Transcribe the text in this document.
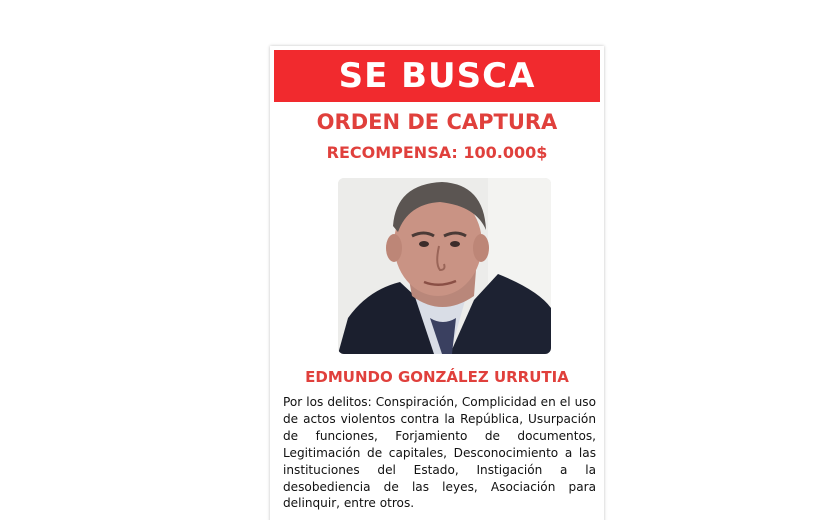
SE BUSCA
ORDEN DE CAPTURA
RECOMPENSA: 100.000$
EDMUNDO GONZÁLEZ URRUTIA
Por los delitos: Conspiración, Complicidad en el uso de actos violentos contra la República, Usurpación de funciones, Forjamiento de documentos, Legitimación de capitales, Desconocimiento a las instituciones del Estado, Instigación a la desobediencia de las leyes, Asociación para delinquir, entre otros.
